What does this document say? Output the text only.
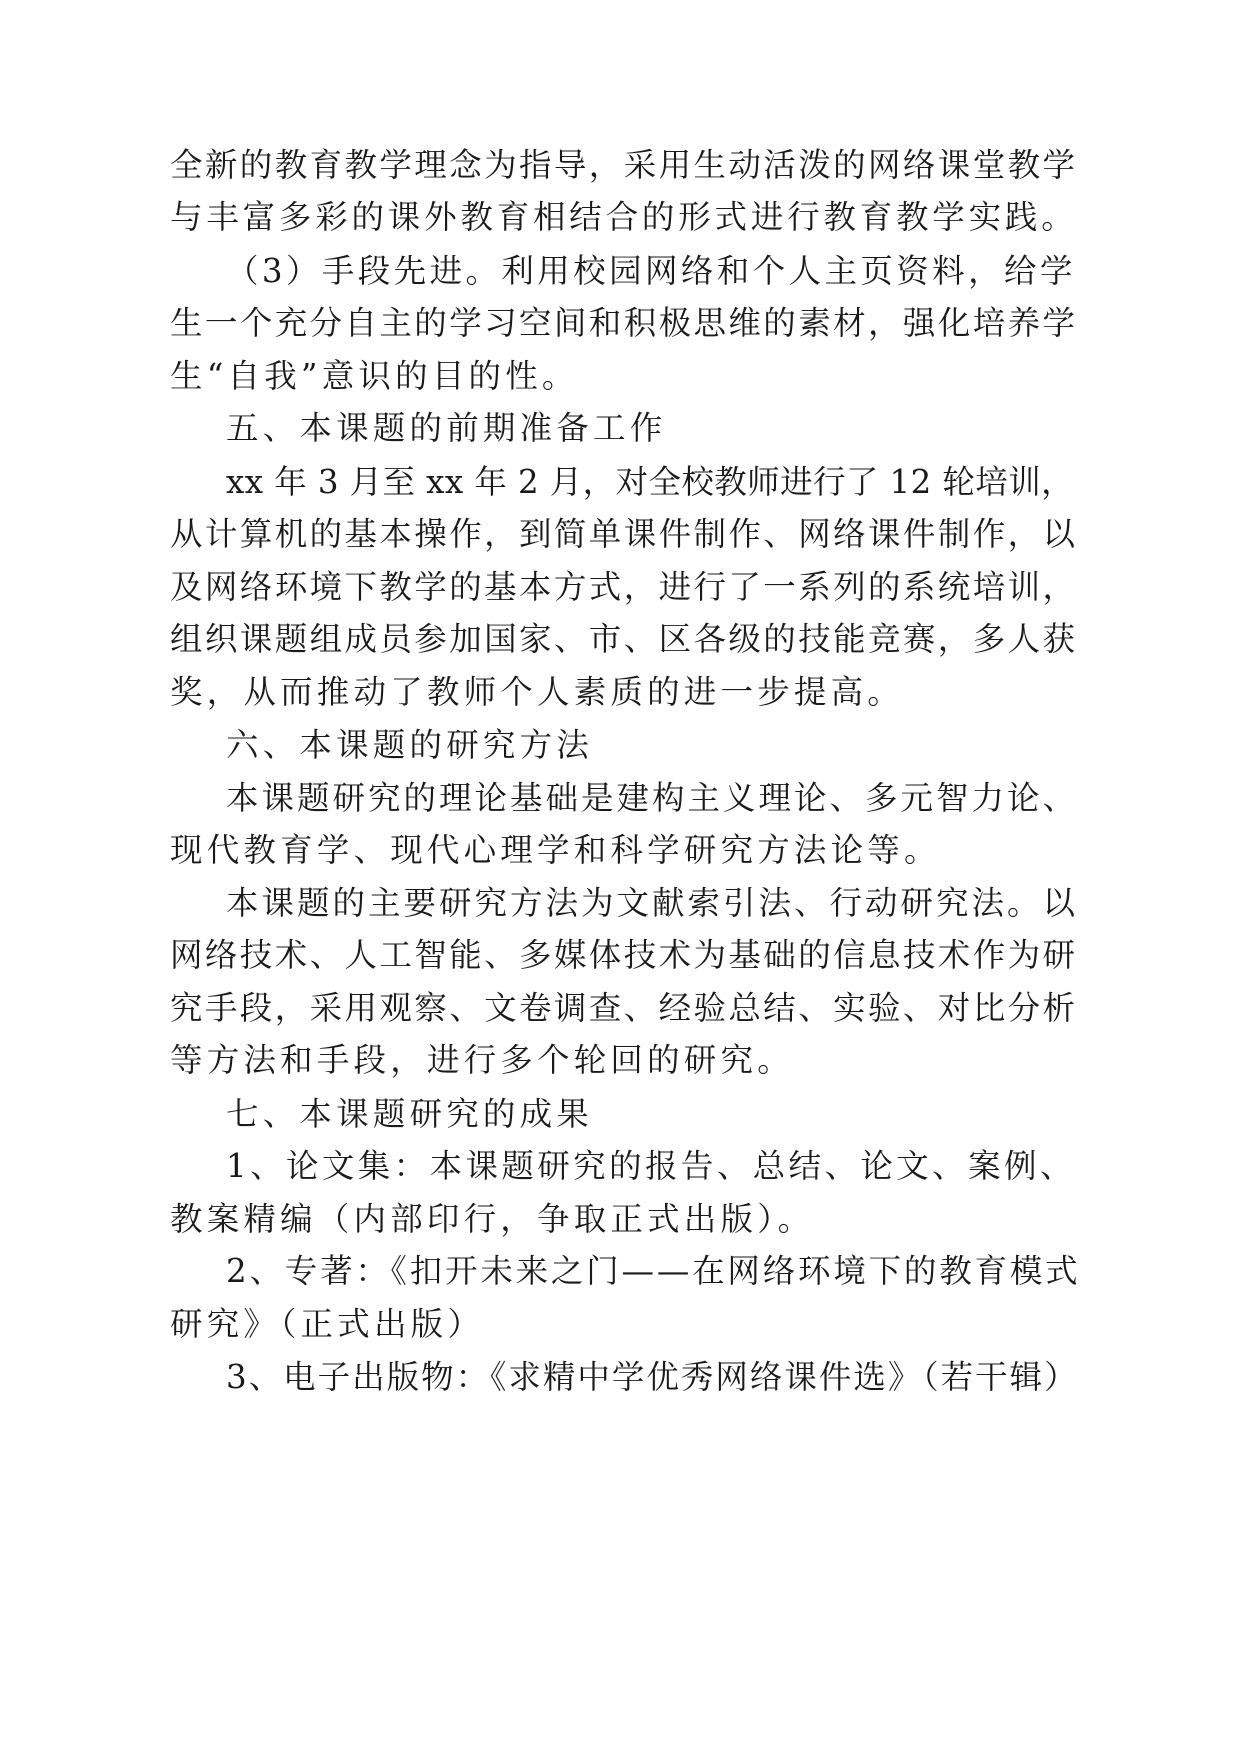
全新的教育教学理念为指导，采用生动活泼的网络课堂教学
与丰富多彩的课外教育相结合的形式进行教育教学实践。
（3）手段先进。利用校园网络和个人主页资料，给学
生一个充分自主的学习空间和积极思维的素材，强化培养学
生“自我”意识的目的性。
五、本课题的前期准备工作
xx 年 3 月至 xx 年 2 月，对全校教师进行了 12 轮培训，
从计算机的基本操作，到简单课件制作、网络课件制作，以
及网络环境下教学的基本方式，进行了一系列的系统培训，
组织课题组成员参加国家、市、区各级的技能竞赛，多人获
奖，从而推动了教师个人素质的进一步提高。
六、本课题的研究方法
本课题研究的理论基础是建构主义理论、多元智力论、
现代教育学、现代心理学和科学研究方法论等。
本课题的主要研究方法为文献索引法、行动研究法。以
网络技术、人工智能、多媒体技术为基础的信息技术作为研
究手段，采用观察、文卷调查、经验总结、实验、对比分析
等方法和手段，进行多个轮回的研究。
七、本课题研究的成果
1、论文集：本课题研究的报告、总结、论文、案例、
教案精编（内部印行，争取正式出版）。
2、专著：《扣开未来之门——在网络环境下的教育模式
研究》（正式出版）
3、电子出版物：《求精中学优秀网络课件选》（若干辑）
